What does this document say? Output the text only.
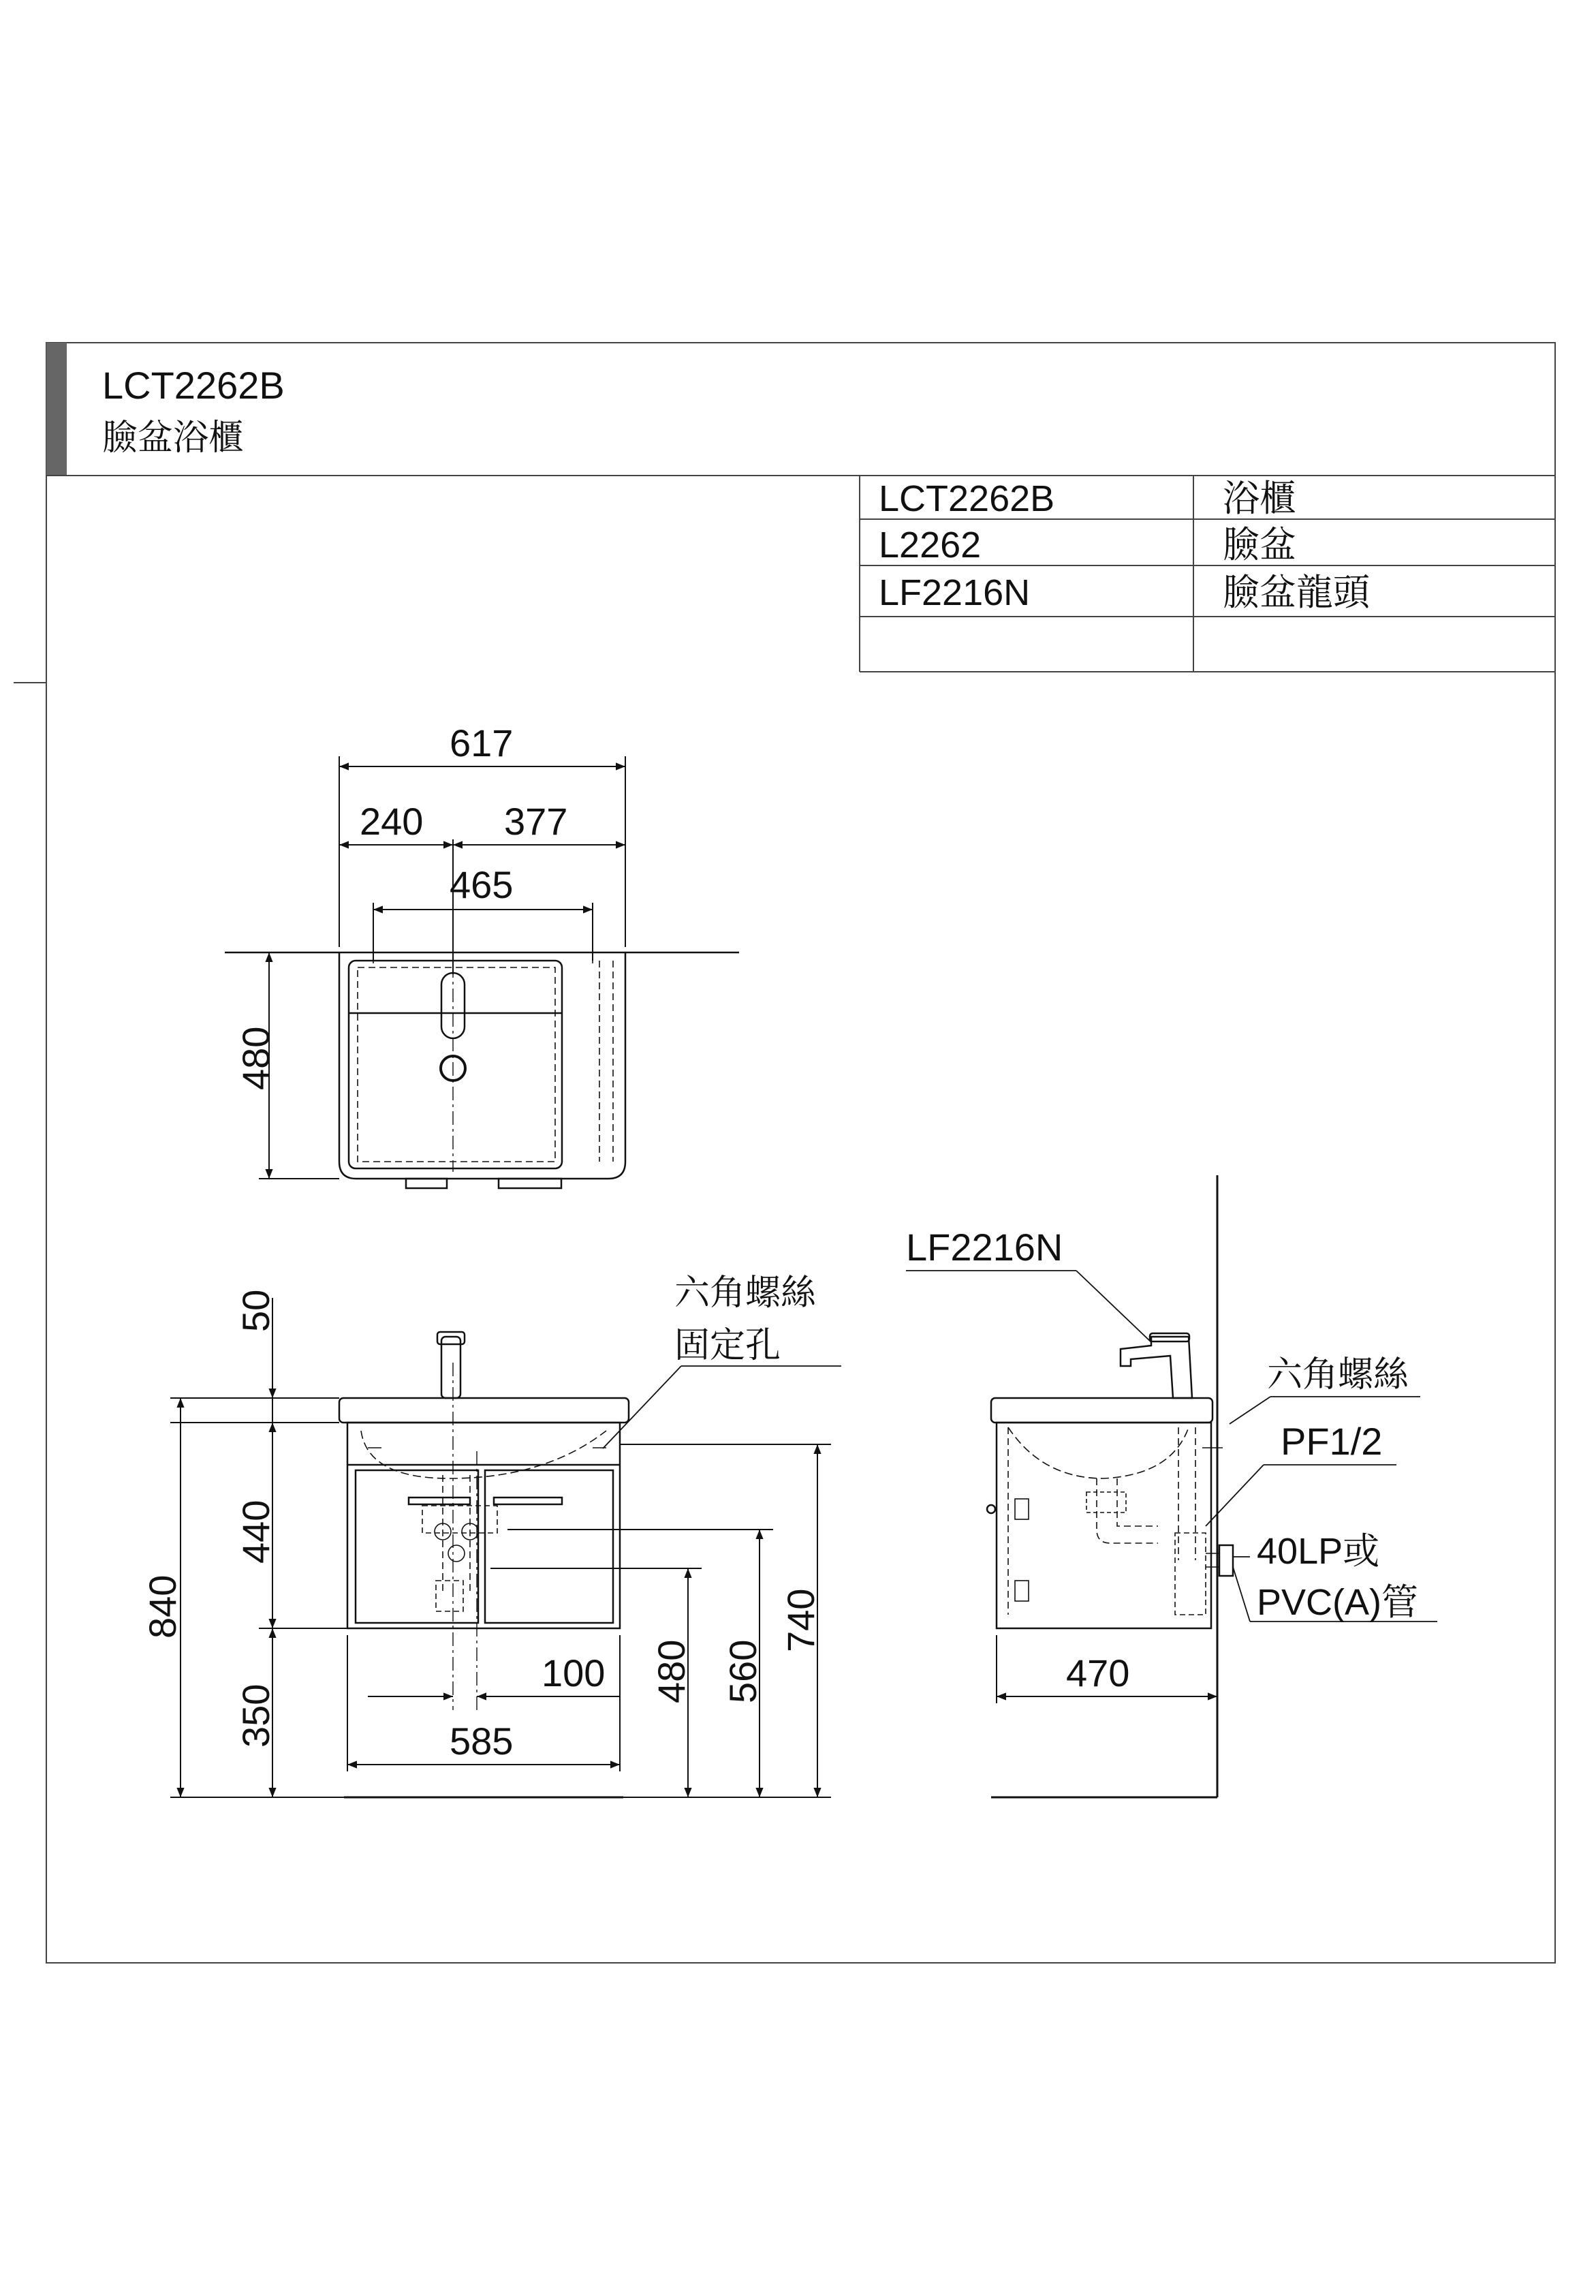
LCT2262B
臉盆浴櫃
LCT2262B	浴櫃
L2262	臉盆
LF2216N	臉盆龍頭
617
240 377
465
480
六角螺絲
固定孔
50
440
350
840
100
585
480 560
740
LF2216N
六角螺絲
PF1/2
40LP或
PVC(A)管
470
